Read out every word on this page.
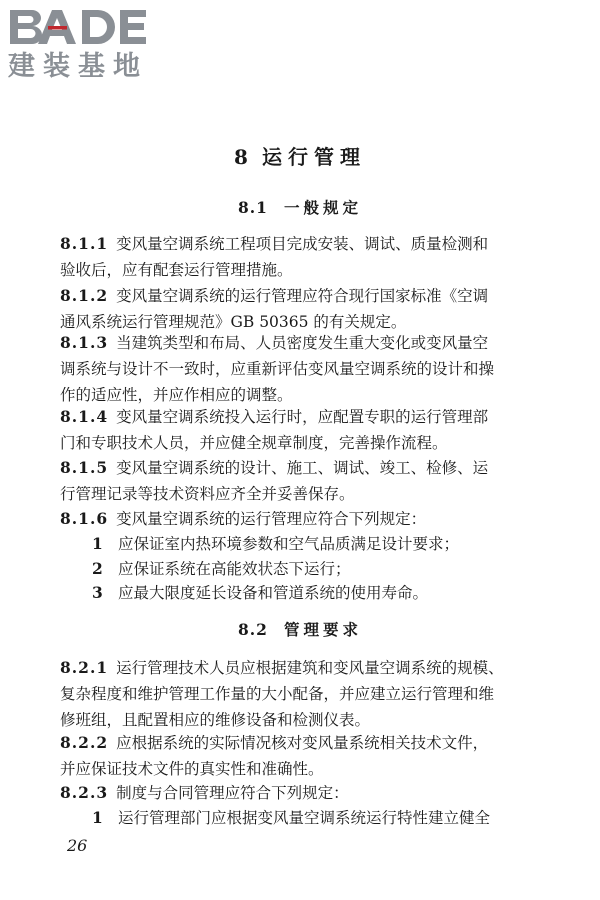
建装基地
8 运行管理
8.1 一般规定
8.1.1 变风量空调系统工程项目完成安装、调试、质量检测和
验收后，应有配套运行管理措施。
8.1.2 变风量空调系统的运行管理应符合现行国家标准《空调
通风系统运行管理规范》GB 50365 的有关规定。
8.1.3 当建筑类型和布局、人员密度发生重大变化或变风量空
调系统与设计不一致时，应重新评估变风量空调系统的设计和操
作的适应性，并应作相应的调整。
8.1.4 变风量空调系统投入运行时，应配置专职的运行管理部
门和专职技术人员，并应健全规章制度，完善操作流程。
8.1.5 变风量空调系统的设计、施工、调试、竣工、检修、运
行管理记录等技术资料应齐全并妥善保存。
8.1.6 变风量空调系统的运行管理应符合下列规定：
1 应保证室内热环境参数和空气品质满足设计要求；
2 应保证系统在高能效状态下运行；
3 应最大限度延长设备和管道系统的使用寿命。
8.2 管理要求
8.2.1 运行管理技术人员应根据建筑和变风量空调系统的规模、
复杂程度和维护管理工作量的大小配备，并应建立运行管理和维
修班组，且配置相应的维修设备和检测仪表。
8.2.2 应根据系统的实际情况核对变风量系统相关技术文件，
并应保证技术文件的真实性和准确性。
8.2.3 制度与合同管理应符合下列规定：
1 运行管理部门应根据变风量空调系统运行特性建立健全
26
